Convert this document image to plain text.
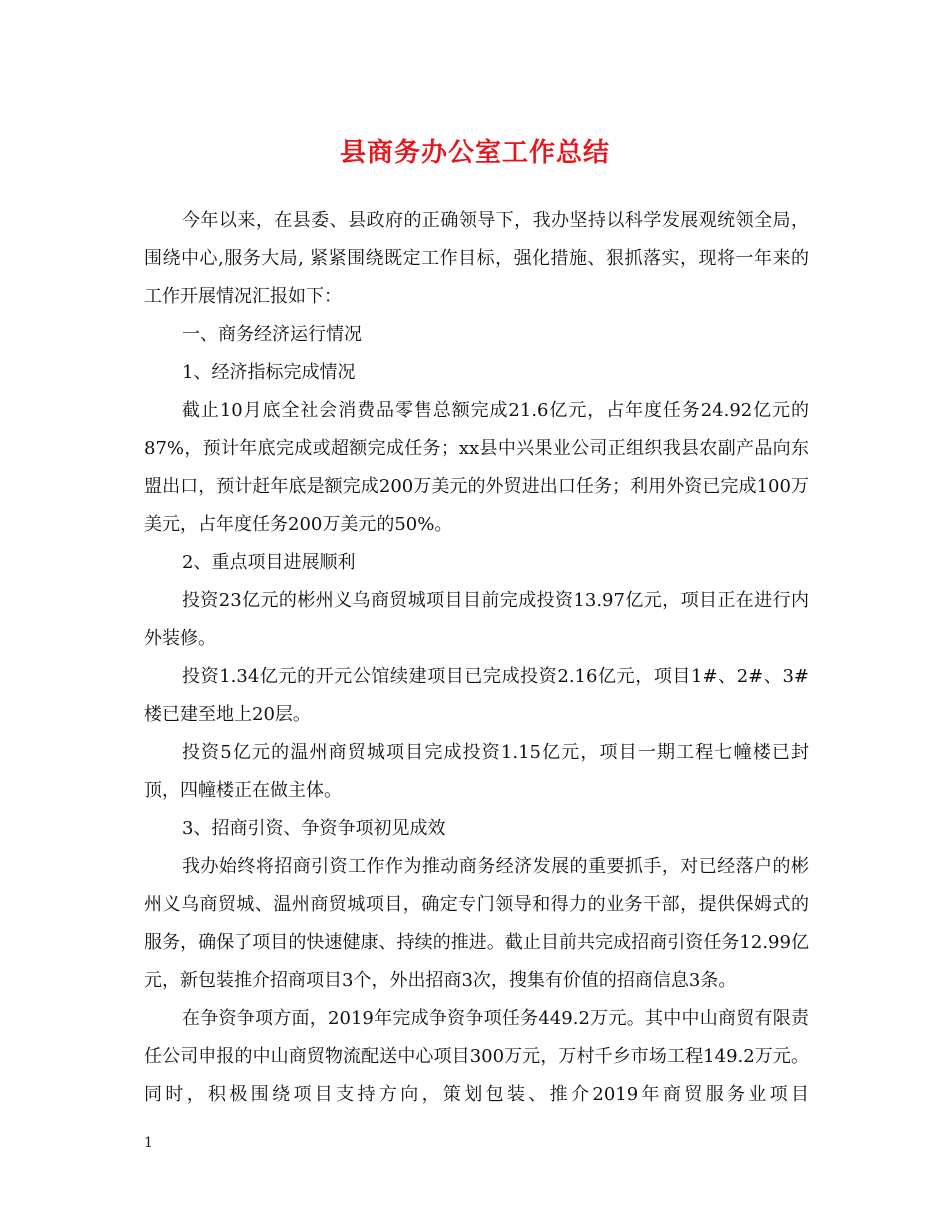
县商务办公室工作总结

今年以来，在县委、县政府的正确领导下，我办坚持以科学发展观统领全局，围绕中心,服务大局, 紧紧围绕既定工作目标，强化措施、狠抓落实，现将一年来的工作开展情况汇报如下：

一、商务经济运行情况

1、经济指标完成情况

截止10月底全社会消费品零售总额完成21.6亿元，占年度任务24.92亿元的87%，预计年底完成或超额完成任务；xx县中兴果业公司正组织我县农副产品向东盟出口，预计赶年底是额完成200万美元的外贸进出口任务；利用外资已完成100万美元，占年度任务200万美元的50%。

2、重点项目进展顺利

投资23亿元的彬州义乌商贸城项目目前完成投资13.97亿元，项目正在进行内外装修。

投资1.34亿元的开元公馆续建项目已完成投资2.16亿元，项目1#、2#、3#楼已建至地上20层。

投资5亿元的温州商贸城项目完成投资1.15亿元，项目一期工程七幢楼已封顶，四幢楼正在做主体。

3、招商引资、争资争项初见成效

我办始终将招商引资工作作为推动商务经济发展的重要抓手，对已经落户的彬州义乌商贸城、温州商贸城项目，确定专门领导和得力的业务干部，提供保姆式的服务，确保了项目的快速健康、持续的推进。截止目前共完成招商引资任务12.99亿元，新包装推介招商项目3个，外出招商3次，搜集有价值的招商信息3条。

在争资争项方面，2019年完成争资争项任务449.2万元。其中中山商贸有限责任公司申报的中山商贸物流配送中心项目300万元，万村千乡市场工程149.2万元。同时，积极围绕项目支持方向，策划包装、推介2019年商贸服务业项目

1
